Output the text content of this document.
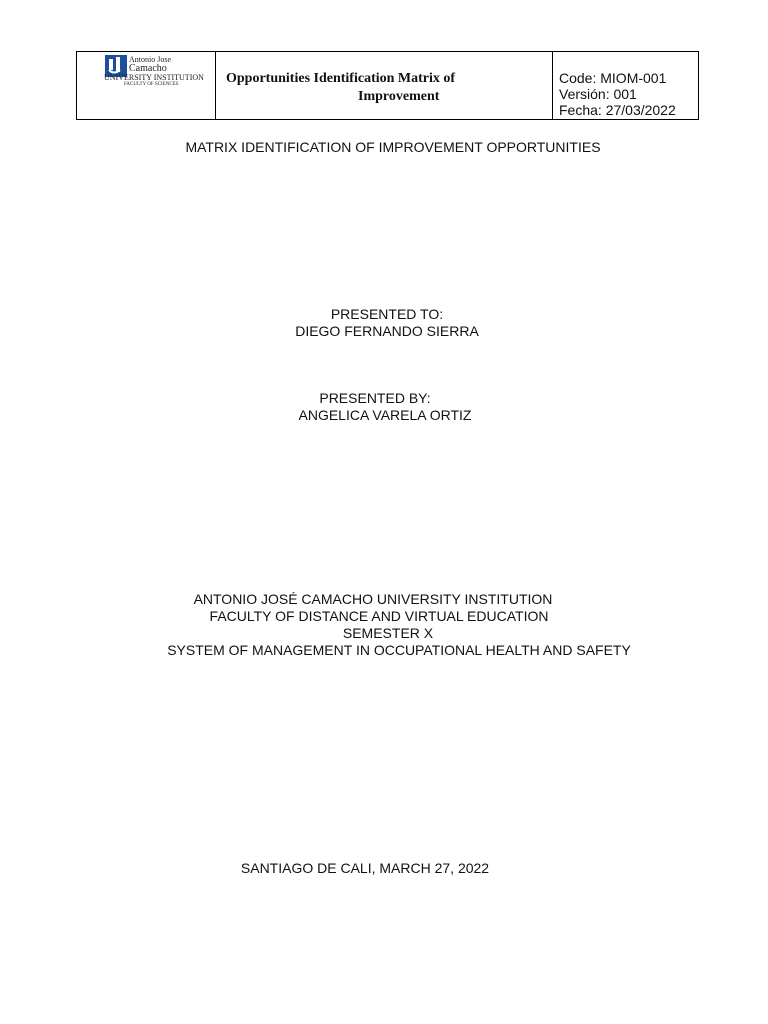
Antonio Jose
Camacho
UNIVERSITY INSTITUTION
FACULTY OF SCIENCES	Opportunities Identification Matrix of
Improvement
Code: MIOM-001
Versión: 001
Fecha: 27/03/2022
MATRIX IDENTIFICATION OF IMPROVEMENT OPPORTUNITIES
PRESENTED TO:
DIEGO FERNANDO SIERRA
PRESENTED BY:
ANGELICA VARELA ORTIZ
ANTONIO JOSÉ CAMACHO UNIVERSITY INSTITUTION
FACULTY OF DISTANCE AND VIRTUAL EDUCATION
SEMESTER X
SYSTEM OF MANAGEMENT IN OCCUPATIONAL HEALTH AND SAFETY
SANTIAGO DE CALI, MARCH 27, 2022
